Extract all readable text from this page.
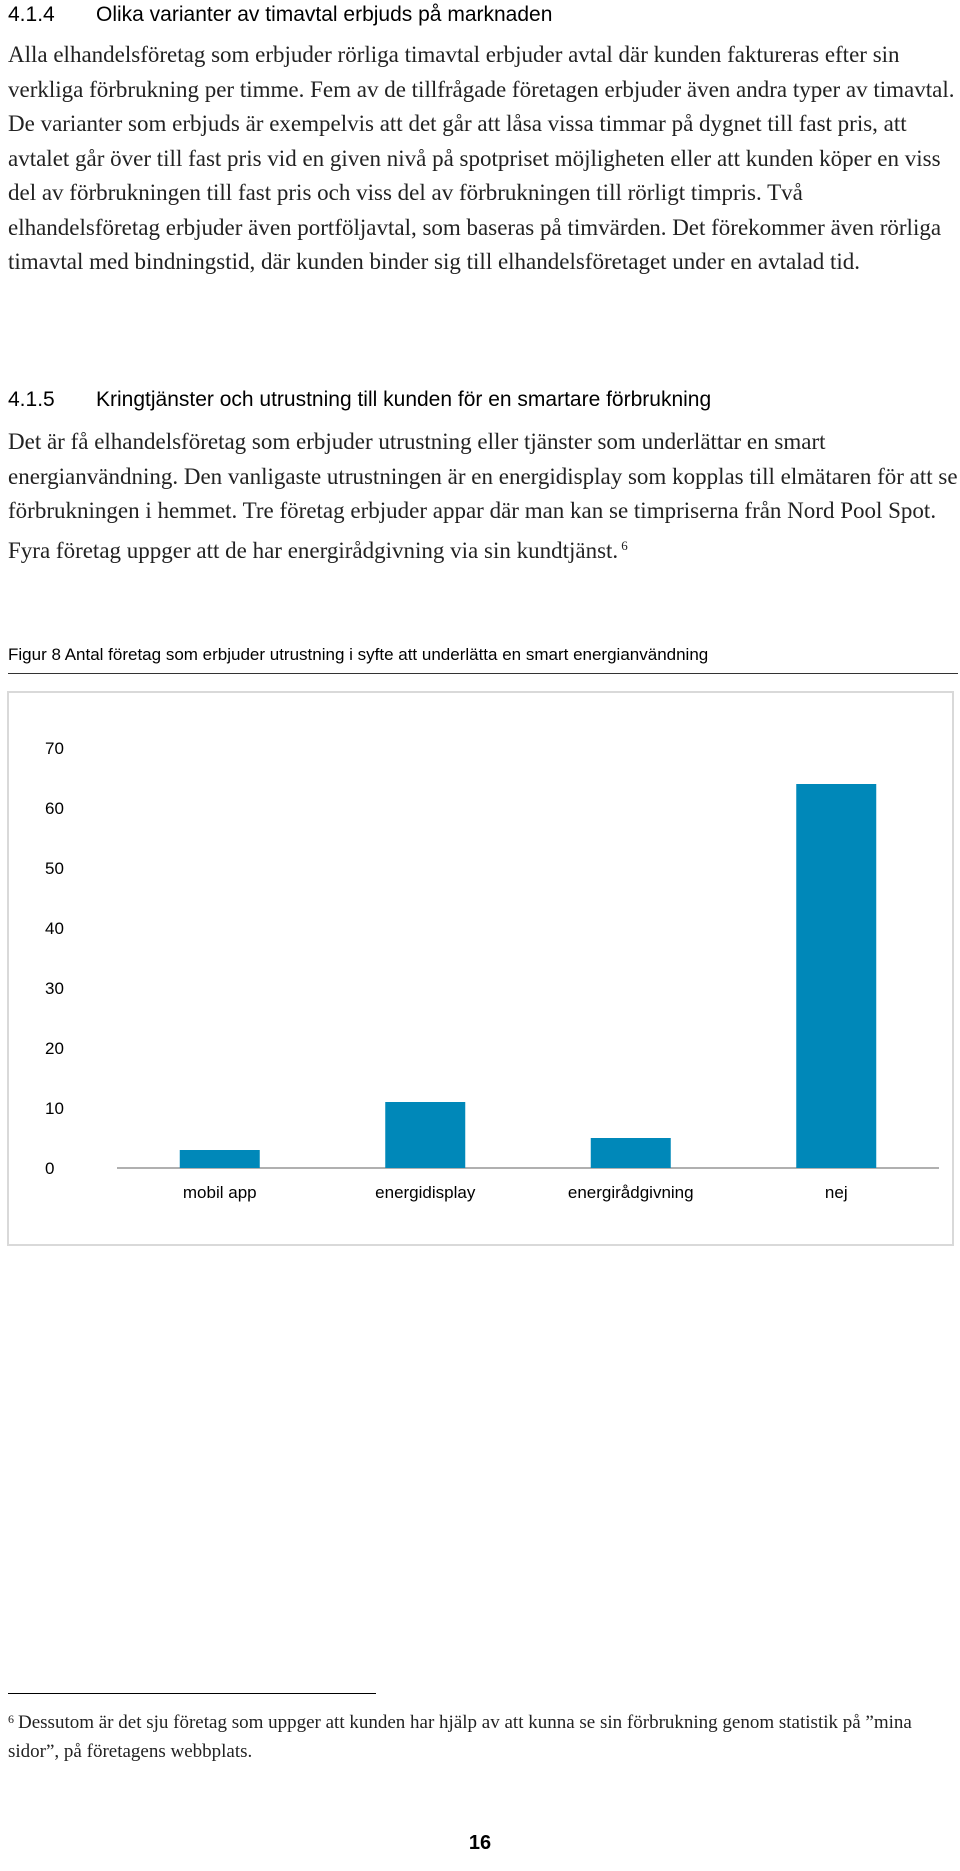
4.1.4 Olika varianter av timavtal erbjuds på marknaden
Alla elhandelsföretag som erbjuder rörliga timavtal erbjuder avtal där kunden faktureras efter sin verkliga förbrukning per timme. Fem av de tillfrågade företagen erbjuder även andra typer av timavtal. De varianter som erbjuds är exempelvis att det går att låsa vissa timmar på dygnet till fast pris, att avtalet går över till fast pris vid en given nivå på spotpriset möjligheten eller att kunden köper en viss del av förbrukningen till fast pris och viss del av förbrukningen till rörligt timpris. Två elhandelsföretag erbjuder även portföljavtal, som baseras på timvärden. Det förekommer även rörliga timavtal med bindningstid, där kunden binder sig till elhandelsföretaget under en avtalad tid.
4.1.5 Kringtjänster och utrustning till kunden för en smartare förbrukning
Det är få elhandelsföretag som erbjuder utrustning eller tjänster som underlättar en smart energianvändning. Den vanligaste utrustningen är en energidisplay som kopplas till elmätaren för att se förbrukningen i hemmet. Tre företag erbjuder appar där man kan se timpriserna från Nord Pool Spot. Fyra företag uppger att de har energirådgivning via sin kundtjänst. $^6$
Figur 8 Antal företag som erbjuder utrustning i syfte att underlätta en smart energianvändning
0
10
20
30
40
50
60
70
mobil app	energidisplay	energirådgivning	nej
$^6$ Dessutom är det sju företag som uppger att kunden har hjälp av att kunna se sin förbrukning genom statistik på ”mina sidor”, på företagens webbplats.
16
